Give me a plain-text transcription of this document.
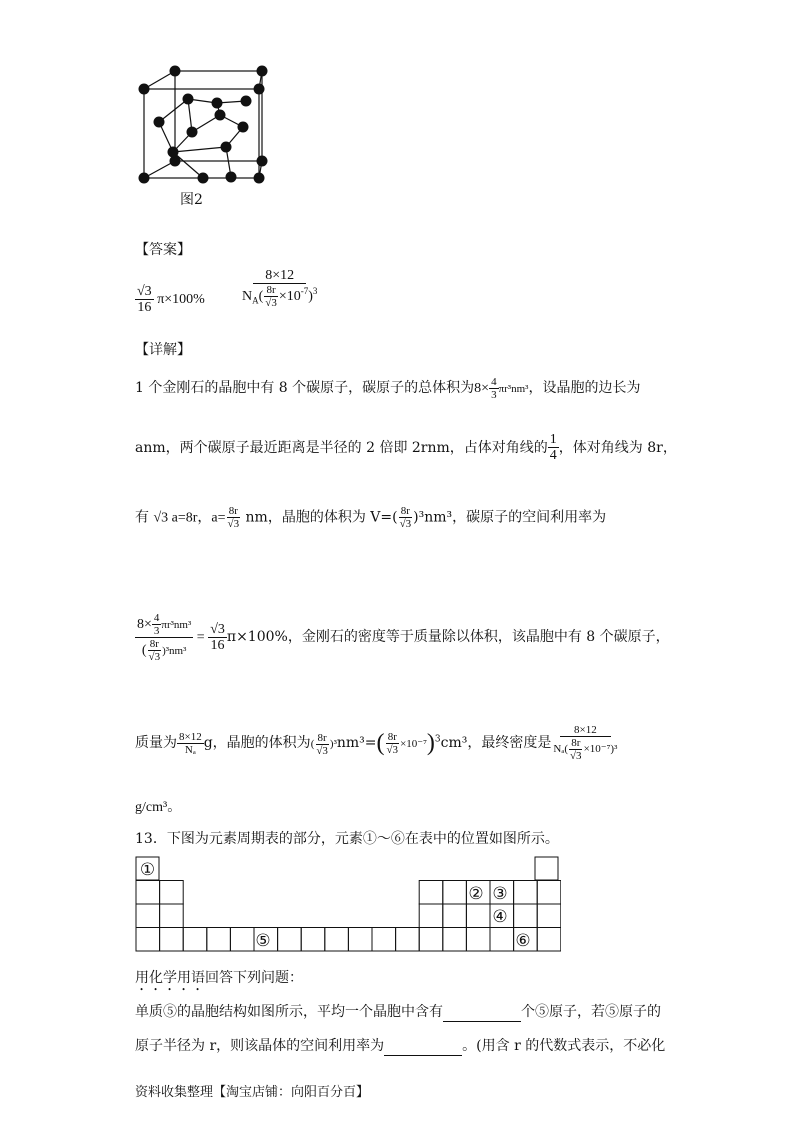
图2
【答案】
$\frac{√3}{16} \pi\times 100\%$	$\frac{8\times 12}{N_A( \frac{8r}{√3} \times 10^{-7})^3}$
【详解】
1 个金刚石的晶胞中有 8 个碳原子，碳原子的总体积为$8\times \frac{4}{3} \pi r^3nm^3$，设晶胞的边长为
anm，两个碳原子最近距离是半径的 2 倍即 2rnm，占体对角线的 $\frac{1}{4}$ ，体对角线为 8r，
有 √3 a=8r，$a= \frac{8r}{√3}$ nm，晶胞的体积为 $V=( \frac{8r}{√3} )^3nm^3$，碳原子的空间利用率为
$\frac{8\times \frac{4}{3} \pi r^3nm^3}{( \frac{8r}{√3} )^3nm^3} = \frac{√3}{16} \pi\times 100\%$，金刚石的密度等于质量除以体积，该晶胞中有 8 个碳原子，
质量为 $\frac{8\times 12}{\text{Nₐ}}$ g，晶胞的体积为( $\frac{8r}{√3} )^3nm^3=( \frac{8r}{√3} \times 10^{-7})^3cm^3$，最终密度是 $\frac{8\times 12}{N_a( \frac{8r}{√3} \times 10^{-7})^3}$
g/cm³。
13．下图为元素周期表的部分，元素①～⑥在表中的位置如图所示。
①
② ③
④
⑤	⑥
用化学用语回答下列问题：
单质⑤的晶胞结构如图所示，平均一个晶胞中含有	个⑤原子，若⑤原子的
原子半径为 r，则该晶体的空间利用率为	。(用含 r 的代数式表示，不必化
资料收集整理【淘宝店铺：向阳百分百】
